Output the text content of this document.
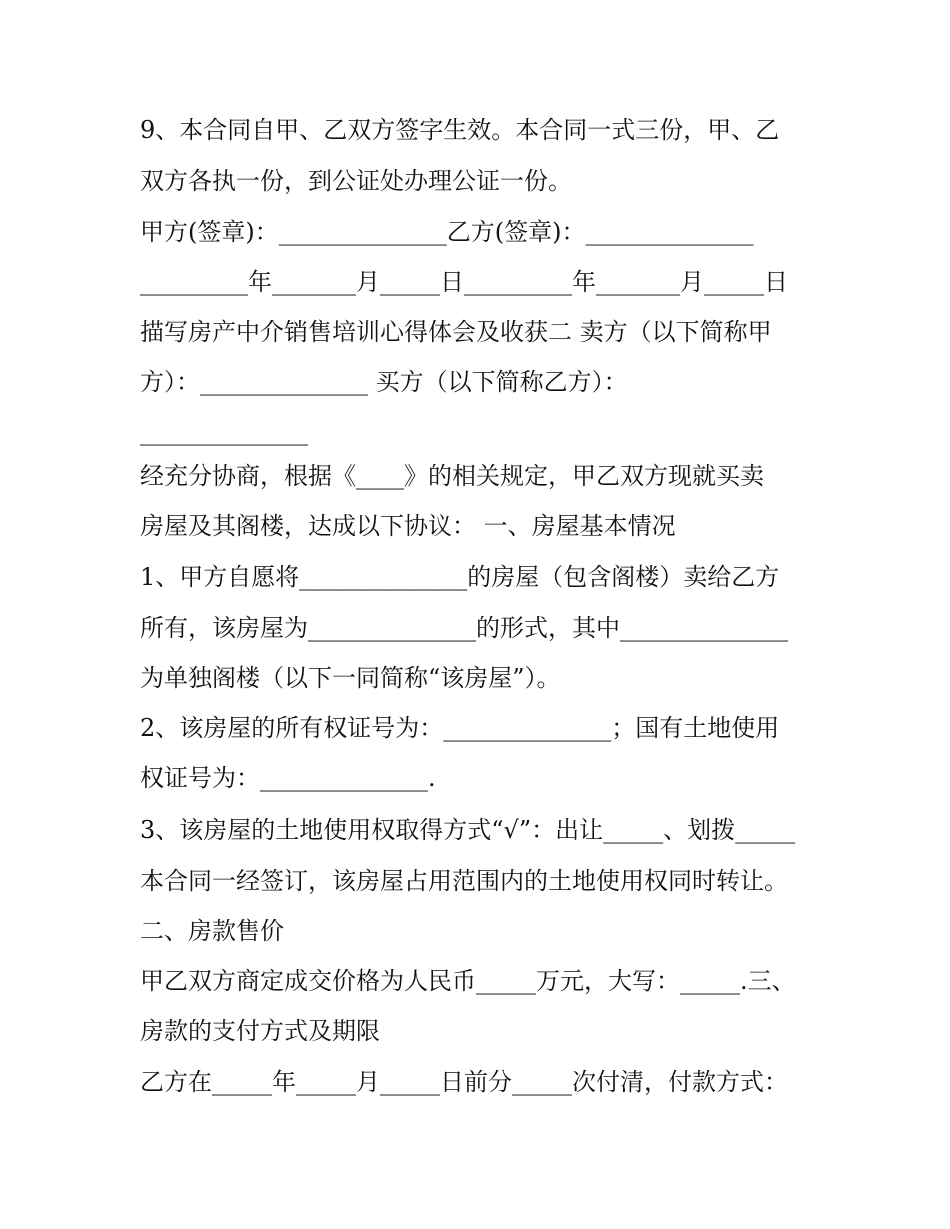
9、本合同自甲、乙双方签字生效。本合同一式三份，甲、乙

双方各执一份，到公证处办理公证一份。

甲方(签章)：______________乙方(签章)：______________

_________年_______月_____日_________年_______月_____日

描写房产中介销售培训心得体会及收获二 卖方（以下简称甲

方）：______________ 买方（以下简称乙方）：

______________

经充分协商，根据《____》的相关规定，甲乙双方现就买卖

房屋及其阁楼，达成以下协议： 一、房屋基本情况

1、甲方自愿将______________的房屋（包含阁楼）卖给乙方

所有，该房屋为______________的形式，其中______________

为单独阁楼（以下一同简称“该房屋”）。

2、该房屋的所有权证号为：______________；国有土地使用

权证号为：______________.

3、该房屋的土地使用权取得方式“√”：出让_____、划拨_____

本合同一经签订，该房屋占用范围内的土地使用权同时转让。

二、房款售价

甲乙双方商定成交价格为人民币_____万元，大写：_____.三、

房款的支付方式及期限

乙方在_____年_____月_____日前分_____次付清，付款方式：
